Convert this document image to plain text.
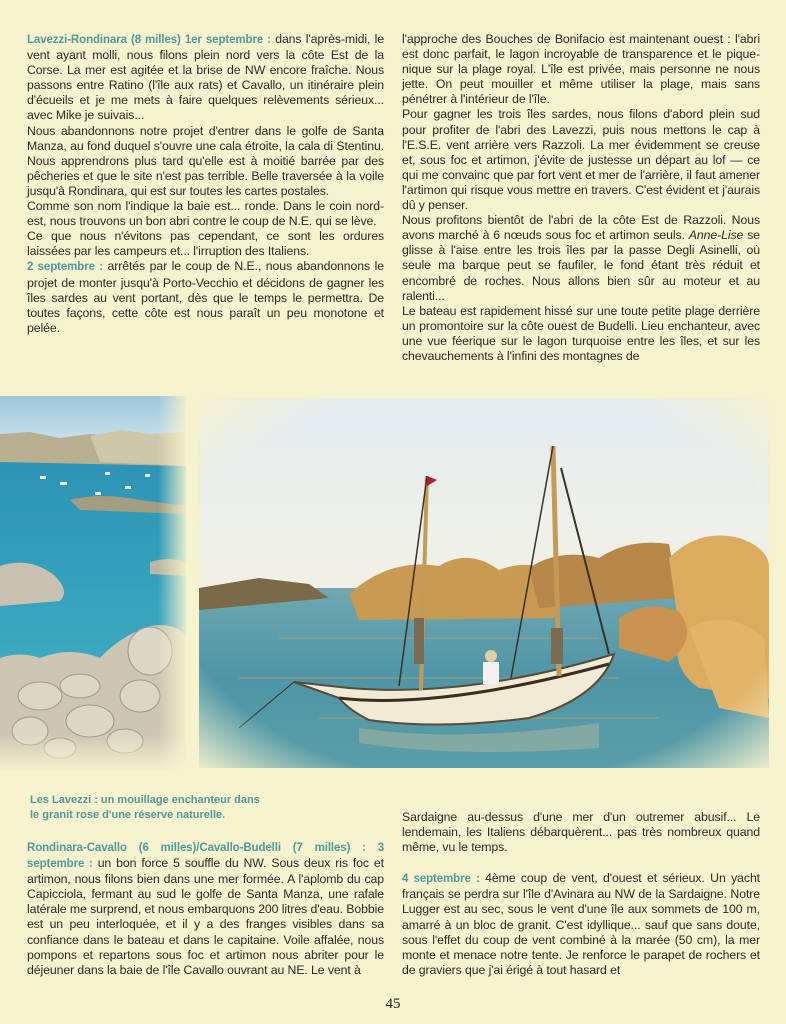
Lavezzi-Rondinara (8 milles) 1er septembre : dans l'après-midi, le vent ayant molli, nous filons plein nord vers la côte Est de la Corse. La mer est agitée et la brise de NW encore fraîche. Nous passons entre Ratino (l'île aux rats) et Cavallo, un itinéraire plein d'écueils et je me mets à faire quelques relèvements sérieux... avec Mike je suivais...

Nous abandonnons notre projet d'entrer dans le golfe de Santa Manza, au fond duquel s'ouvre une cala étroite, la cala di Stentinu. Nous apprendrons plus tard qu'elle est à moitié barrée par des pêcheries et que le site n'est pas terrible. Belle traversée à la voile jusqu'à Rondinara, qui est sur toutes les cartes postales.

Comme son nom l'indique la baie est... ronde. Dans le coin nord-est, nous trouvons un bon abri contre le coup de N.E. qui se lève.

Ce que nous n'évitons pas cependant, ce sont les ordures laissées par les campeurs et... l'irruption des Italiens.

2 septembre : arrêtés par le coup de N.E., nous abandonnons le projet de monter jusqu'à Porto-Vecchio et décidons de gagner les îles sardes au vent portant, dès que le temps le permettra. De toutes façons, cette côte est nous paraît un peu monotone et pelée.

l'approche des Bouches de Bonifacio est maintenant ouest : l'abri est donc parfait, le lagon incroyable de transparence et le pique-nique sur la plage royal. L'île est privée, mais personne ne nous jette. On peut mouiller et même utiliser la plage, mais sans pénétrer à l'intérieur de l'île.

Pour gagner les trois îles sardes, nous filons d'abord plein sud pour profiter de l'abri des Lavezzi, puis nous mettons le cap à l'E.S.E. vent arrière vers Razzoli. La mer évidemment se creuse et, sous foc et artimon, j'évite de justesse un départ au lof — ce qui me convainc que par fort vent et mer de l'arrière, il faut amener l'artimon qui risque vous mettre en travers. C'est évident et j'aurais dû y penser.

Nous profitons bientôt de l'abri de la côte Est de Razzoli. Nous avons marché à 6 nœuds sous foc et artimon seuls. Anne-Lise se glisse à l'aise entre les trois îles par la passe Degli Asinelli, où seule ma barque peut se faufiler, le fond étant très réduit et encombré de roches. Nous allons bien sûr au moteur et au ralenti...

Le bateau est rapidement hissé sur une toute petite plage derrière un promontoire sur la côte ouest de Budelli. Lieu enchanteur, avec une vue féerique sur le lagon turquoise entre les îles, et sur les chevauchements à l'infini des montagnes de

Les Lavezzi : un mouillage enchanteur dans
le granit rose d'une réserve naturelle.

Rondinara-Cavallo (6 milles)/Cavallo-Budelli (7 milles) : 3 septembre : un bon force 5 souffle du NW. Sous deux ris foc et artimon, nous filons bien dans une mer formée. A l'aplomb du cap Capicciola, fermant au sud le golfe de Santa Manza, une rafale latérale me surprend, et nous embarquons 200 litres d'eau. Bobbie est un peu interloquée, et il y a des franges visibles dans sa confiance dans le bateau et dans le capitaine. Voile affalée, nous pompons et repartons sous foc et artimon nous abriter pour le déjeuner dans la baie de l'île Cavallo ouvrant au NE. Le vent à

Sardaigne au-dessus d'une mer d'un outremer abusif... Le lendemain, les Italiens débarquèrent... pas très nombreux quand même, vu le temps.

4 septembre : 4ème coup de vent, d'ouest et sérieux. Un yacht français se perdra sur l'île d'Avinara au NW de la Sardaigne. Notre Lugger est au sec, sous le vent d'une île aux sommets de 100 m, amarré à un bloc de granit. C'est idyllique... sauf que sans doute, sous l'effet du coup de vent combiné à la marée (50 cm), la mer monte et menace notre tente. Je renforce le parapet de rochers et de graviers que j'ai érigé à tout hasard et

45
